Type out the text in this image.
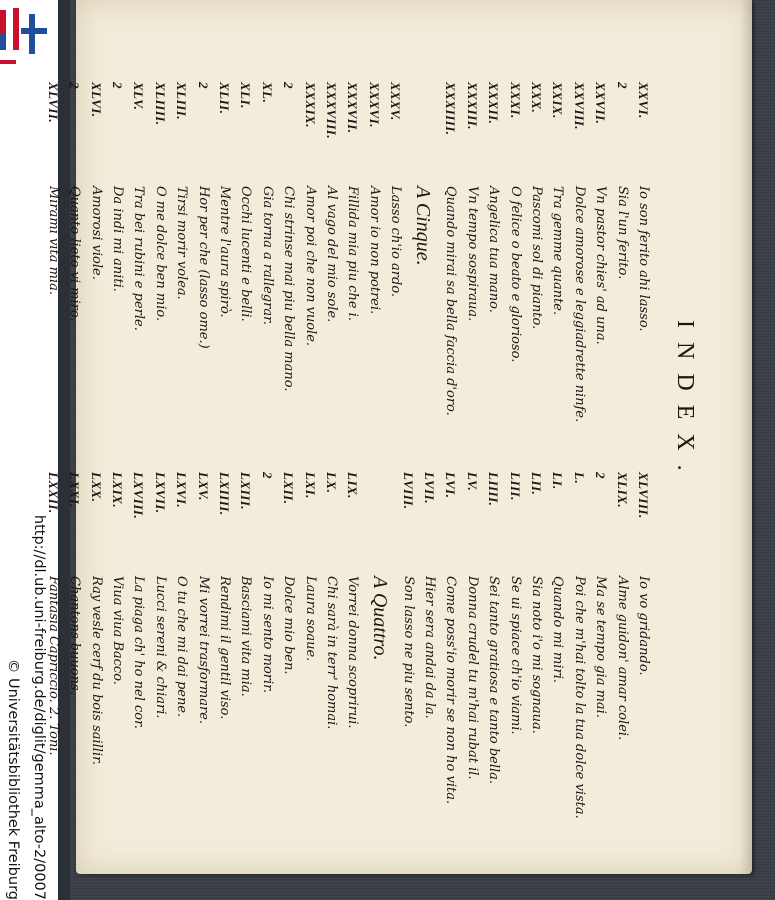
http://dl.ub.uni-freiburg.de/diglit/gemma_alto-2/0007
© Universitätsbibliothek Freiburg
INDEX.
XXVI.
Io son ferito ahi lasso.
2
Sia l'un ferito.
XXVII.
Vn pastor chies' ad una.
XXVIII.
Dolce amorose e leggiadrette ninfe.
XXIX.
Tra gemme quante.
XXX.
Pascomi sol di pianto.
XXXI.
O felice o beato e glorioso.
XXXII.
Angelica tua mano.
XXXIII.
Vn tempo sospiraua.
XXXIIII.
Quando mirai sa bella faccia d'oro.
A Cinque.
XXXV.
Lasso ch'io ardo.
XXXVI.
Amor io non potrei.
XXXVII.
Fillida mia piu che i.
XXXVIII.
Al vago del mio sole.
XXXIX.
Amor poi che non vuole.
2
Chi strinse mai piu bella mano.
XL.
Gia torna a rallegrar.
XLI.
Occhi lucenti e belli.
XLII.
Mentre l'aura spirò.
2
Hor per che (lasso ome.)
XLIII.
Tirsi morir volea.
XLIIII.
O me dolce ben mio.
XLV.
Tra bei rubini e perle.
2
Da indi mi aniti.
XLVI.
Amorosi viole.
2
Quanto lieto vi miro.
XLVII.
Mirami vita mia.
XLVIII.
Io vo gridando.
XLIX.
Alme guidon' amar colei.
2
Ma se tempo gia mai.
L.
Poi che m'hai tolto la tua dolce vista.
LI.
Quando mi miri.
LII.
Sia noto i'o mi sognaua.
LIII.
Se ui spiace ch'io viami.
LIIII.
Sei tanto gratiosa e tanto bella.
LV.
Donna crudel tu m'hai rubat il.
LVI.
Come poss'io morir se non ho vita.
LVII.
Hier sera andai da la.
LVIII.
Son lasso ne piu sento.
A Quattro.
LIX.
Vorrei donna scoprirui.
LX.
Chi sarà in terr' homai.
LXI.
Laura soaue.
LXII.
Dolce mio ben.
2
Io mi sento morir.
LXIII.
Basciami vita mia.
LXIIII.
Rendimi il gentil viso.
LXV.
Mi vorrei trasformare.
LXVI.
O tu che mi dai pene.
LXVII.
Lucci sereni & chiari.
LXVIII.
La piaga ch' ho nel cor.
LXIX.
Viua viua Bacco.
LXX.
Ray vesle cerf du bois saillir.
LXXI.
Chantons buuons.
LXXII.
Fantasia Capriccio. 2. Toni.
